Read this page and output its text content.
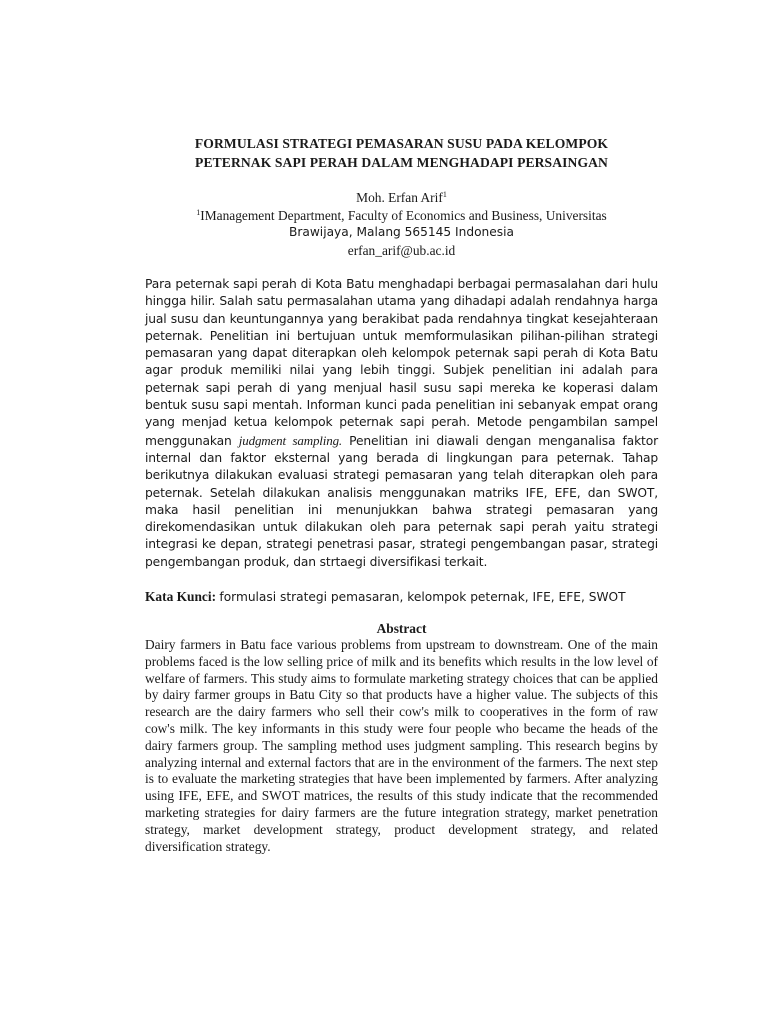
FORMULASI STRATEGI PEMASARAN SUSU PADA KELOMPOK
PETERNAK SAPI PERAH DALAM MENGHADAPI PERSAINGAN
Moh. Erfan Arif$^1$
$^1$IManagement Department, Faculty of Economics and Business, Universitas
Brawijaya, Malang 565145 Indonesia
erfan_arif@ub.ac.id
Para peternak sapi perah di Kota Batu menghadapi berbagai permasalahan dari hulu hingga hilir. Salah satu permasalahan utama yang dihadapi adalah rendahnya harga jual susu dan keuntungannya yang berakibat pada rendahnya tingkat kesejahteraan peternak. Penelitian ini bertujuan untuk memformulasikan pilihan-pilihan strategi pemasaran yang dapat diterapkan oleh kelompok peternak sapi perah di Kota Batu agar produk memiliki nilai yang lebih tinggi. Subjek penelitian ini adalah para peternak sapi perah di yang menjual hasil susu sapi mereka ke koperasi dalam bentuk susu sapi mentah. Informan kunci pada penelitian ini sebanyak empat orang yang menjad ketua kelompok peternak sapi perah. Metode pengambilan sampel menggunakan judgment sampling. Penelitian ini diawali dengan menganalisa faktor internal dan faktor eksternal yang berada di lingkungan para peternak. Tahap berikutnya dilakukan evaluasi strategi pemasaran yang telah diterapkan oleh para peternak. Setelah dilakukan analisis menggunakan matriks IFE, EFE, dan SWOT, maka hasil penelitian ini menunjukkan bahwa strategi pemasaran yang direkomendasikan untuk dilakukan oleh para peternak sapi perah yaitu strategi integrasi ke depan, strategi penetrasi pasar, strategi pengembangan pasar, strategi pengembangan produk, dan strtaegi diversifikasi terkait.
Kata Kunci: formulasi strategi pemasaran, kelompok peternak, IFE, EFE, SWOT
Abstract
Dairy farmers in Batu face various problems from upstream to downstream. One of the main problems faced is the low selling price of milk and its benefits which results in the low level of welfare of farmers. This study aims to formulate marketing strategy choices that can be applied by dairy farmer groups in Batu City so that products have a higher value. The subjects of this research are the dairy farmers who sell their cow's milk to cooperatives in the form of raw cow's milk. The key informants in this study were four people who became the heads of the dairy farmers group. The sampling method uses judgment sampling. This research begins by analyzing internal and external factors that are in the environment of the farmers. The next step is to evaluate the marketing strategies that have been implemented by farmers. After analyzing using IFE, EFE, and SWOT matrices, the results of this study indicate that the recommended marketing strategies for dairy farmers are the future integration strategy, market penetration strategy, market development strategy, product development strategy, and related diversification strategy.
